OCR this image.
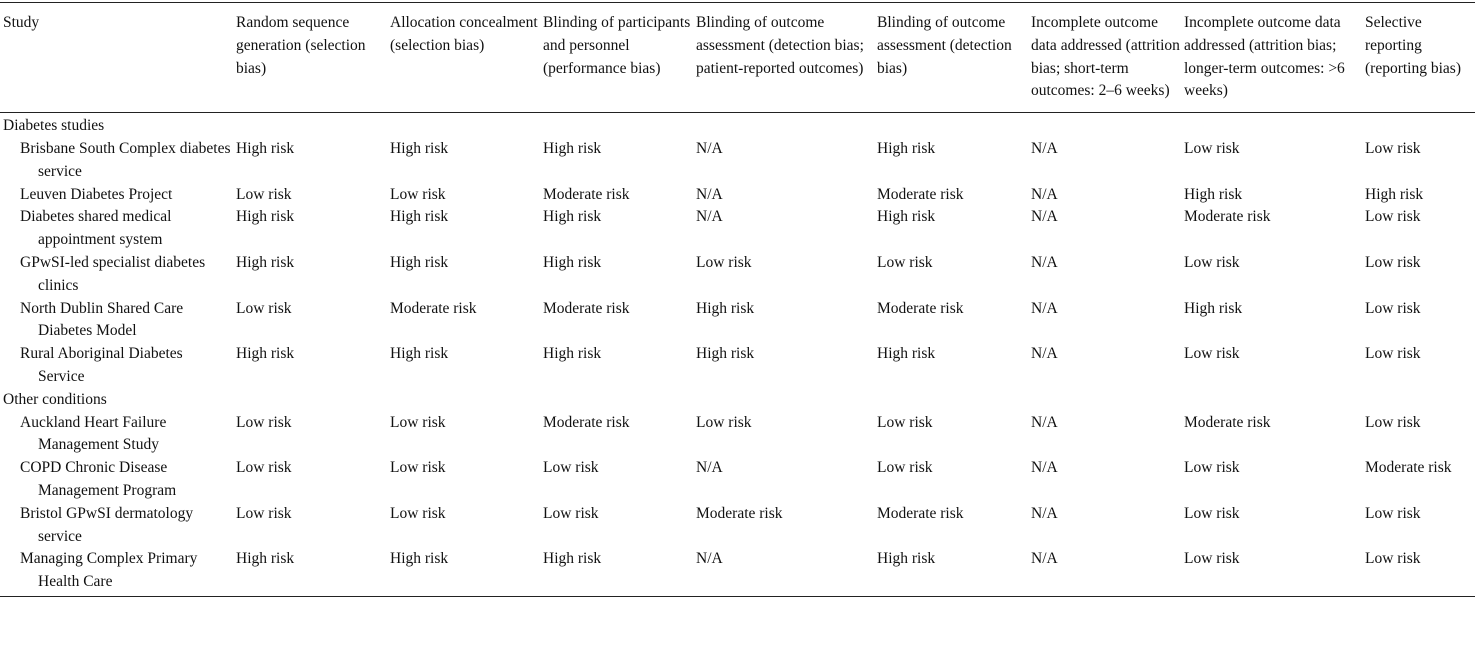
Study	Random sequence generation (selection bias)	Allocation concealment (selection bias)	Blinding of participants and personnel (performance bias)	Blinding of outcome assessment (detection bias; patient-reported outcomes)	Blinding of outcome assessment (detection bias)	Incomplete outcome data addressed (attrition bias; short-term outcomes: 2–6 weeks)	Incomplete outcome data addressed (attrition bias; longer-term outcomes: >6 weeks)	Selective reporting (reporting bias)
Diabetes studies								

Brisbane South Complex diabetes service	High risk	High risk	High risk	N/A	High risk	N/A	Low risk	Low risk

Leuven Diabetes Project	Low risk	Low risk	Moderate risk	N/A	Moderate risk	N/A	High risk	High risk

Diabetes shared medical appointment system	High risk	High risk	High risk	N/A	High risk	N/A	Moderate risk	Low risk

GPwSI-led specialist diabetes clinics	High risk	High risk	High risk	Low risk	Low risk	N/A	Low risk	Low risk

North Dublin Shared Care Diabetes Model	Low risk	Moderate risk	Moderate risk	High risk	Moderate risk	N/A	High risk	Low risk

Rural Aboriginal Diabetes Service	High risk	High risk	High risk	High risk	High risk	N/A	Low risk	Low risk
Other conditions								

Auckland Heart Failure Management Study	Low risk	Low risk	Moderate risk	Low risk	Low risk	N/A	Moderate risk	Low risk

COPD Chronic Disease Management Program	Low risk	Low risk	Low risk	N/A	Low risk	N/A	Low risk	Moderate risk

Bristol GPwSI dermatology service	Low risk	Low risk	Low risk	Moderate risk	Moderate risk	N/A	Low risk	Low risk

Managing Complex Primary Health Care	High risk	High risk	High risk	N/A	High risk	N/A	Low risk	Low risk
